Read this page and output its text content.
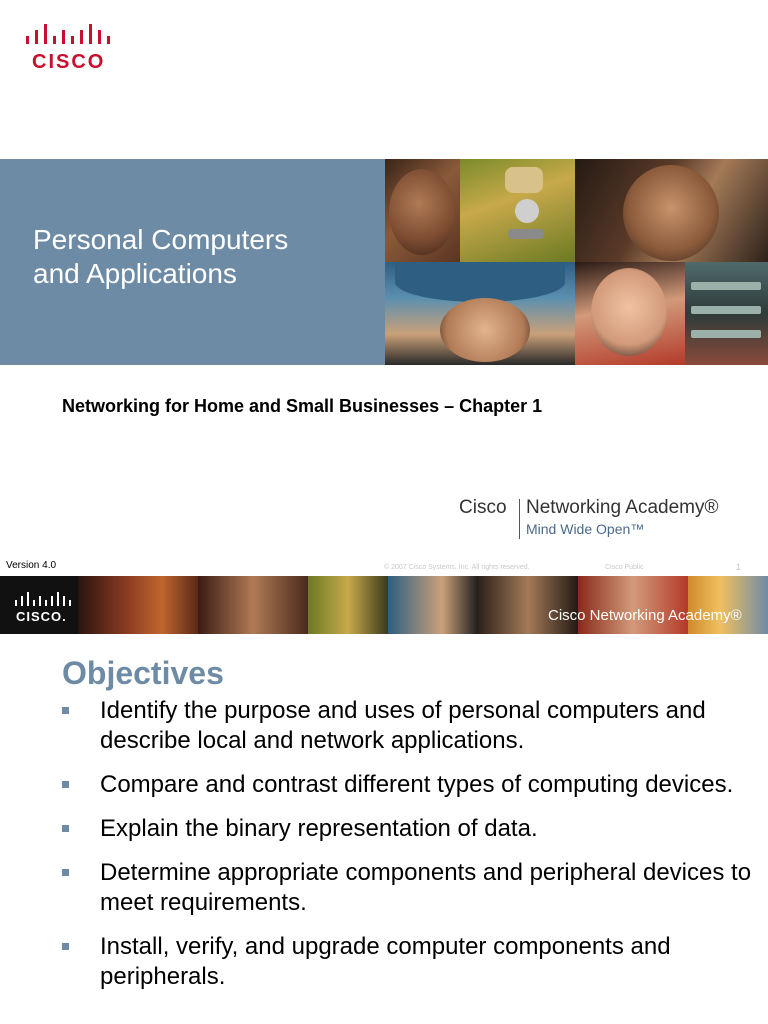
CISCO
Personal Computers
and Applications
Networking for Home and Small Businesses – Chapter 1
Cisco Networking Academy®
Mind Wide Open™
Version 4.0	© 2007 Cisco Systems, Inc. All rights reserved.	Cisco Public	1
CISCO.	Cisco Networking Academy®
Objectives
Identify the purpose and uses of personal computers and describe local and network applications.
Compare and contrast different types of computing devices.
Explain the binary representation of data.
Determine appropriate components and peripheral devices to meet requirements.
Install, verify, and upgrade computer components and peripherals.
